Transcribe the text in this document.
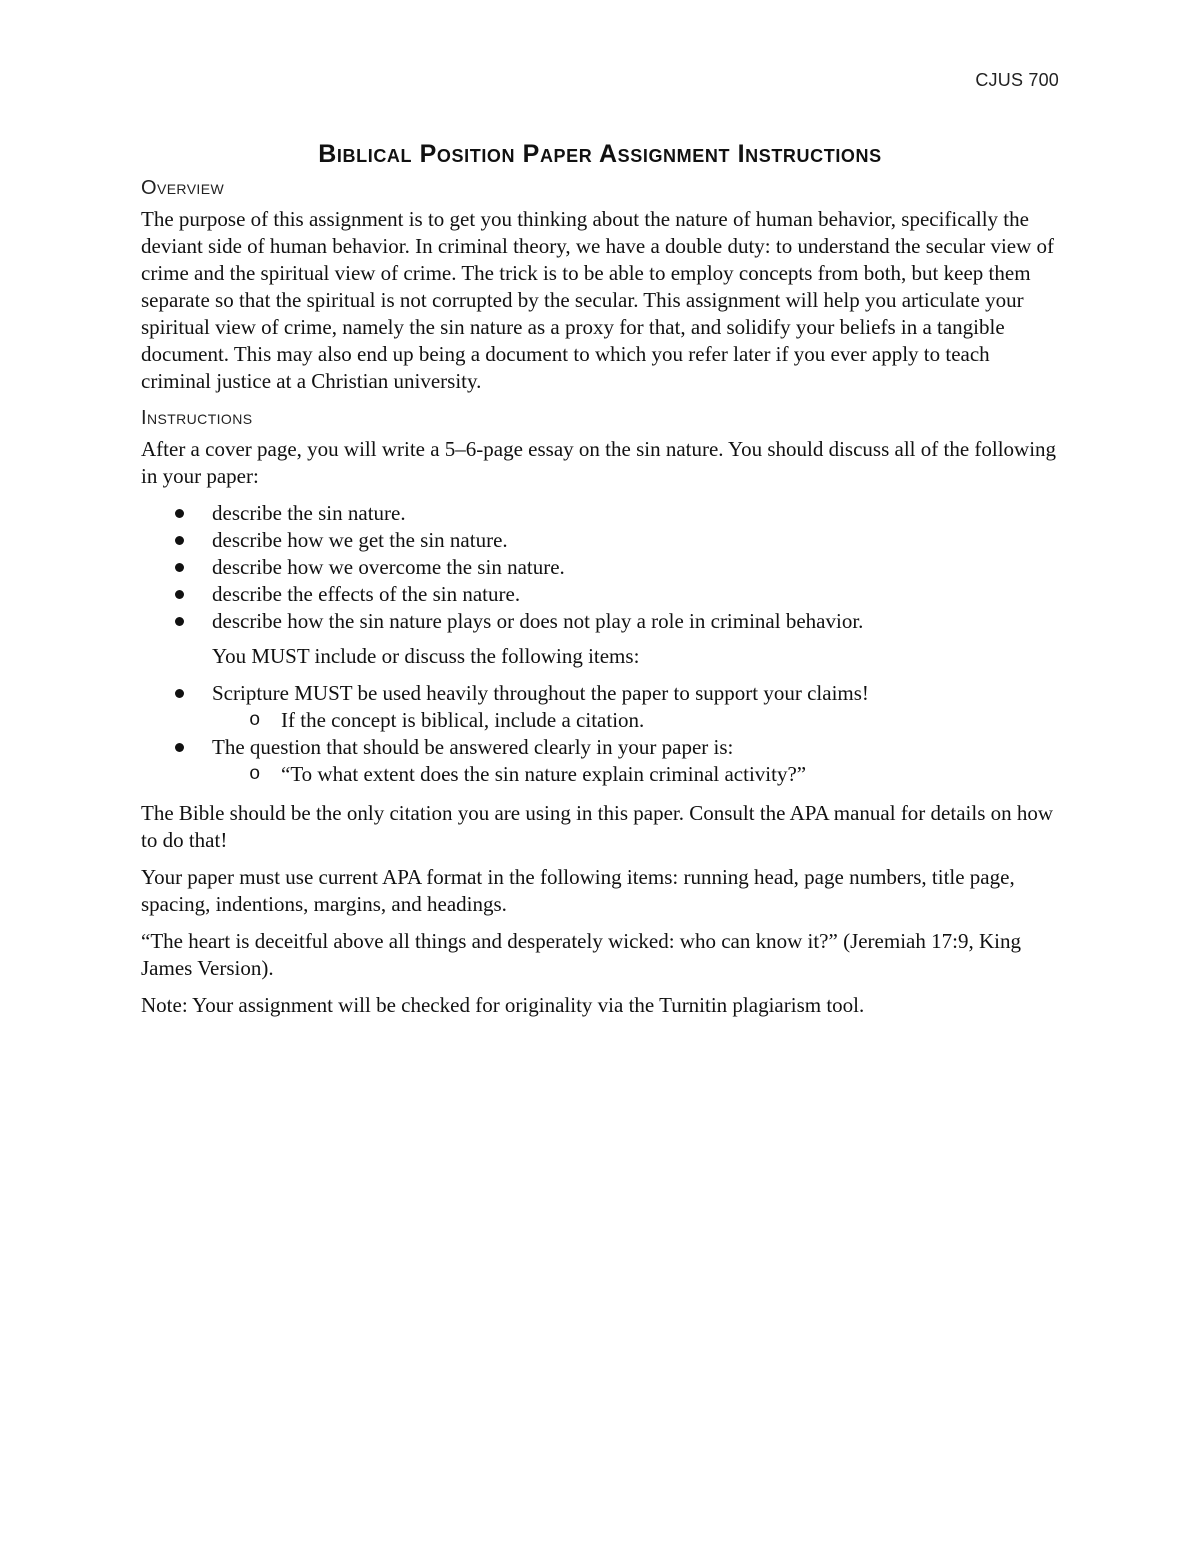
CJUS 700
Biblical Position Paper Assignment Instructions
Overview

The purpose of this assignment is to get you thinking about the nature of human behavior, specifically the deviant side of human behavior. In criminal theory, we have a double duty: to understand the secular view of crime and the spiritual view of crime. The trick is to be able to employ concepts from both, but keep them separate so that the spiritual is not corrupted by the secular. This assignment will help you articulate your spiritual view of crime, namely the sin nature as a proxy for that, and solidify your beliefs in a tangible document. This may also end up being a document to which you refer later if you ever apply to teach criminal justice at a Christian university.

Instructions

After a cover page, you will write a 5–6-page essay on the sin nature. You should discuss all of the following in your paper:

describe the sin nature.
describe how we get the sin nature.
describe how we overcome the sin nature.
describe the effects of the sin nature.
describe how the sin nature plays or does not play a role in criminal behavior.
You MUST include or discuss the following items:
Scripture MUST be used heavily throughout the paper to support your claims!
o If the concept is biblical, include a citation.
The question that should be answered clearly in your paper is:
o “To what extent does the sin nature explain criminal activity?”

The Bible should be the only citation you are using in this paper. Consult the APA manual for details on how to do that!

Your paper must use current APA format in the following items: running head, page numbers, title page, spacing, indentions, margins, and headings.

“The heart is deceitful above all things and desperately wicked: who can know it?” (Jeremiah 17:9, King James Version).

Note: Your assignment will be checked for originality via the Turnitin plagiarism tool.
